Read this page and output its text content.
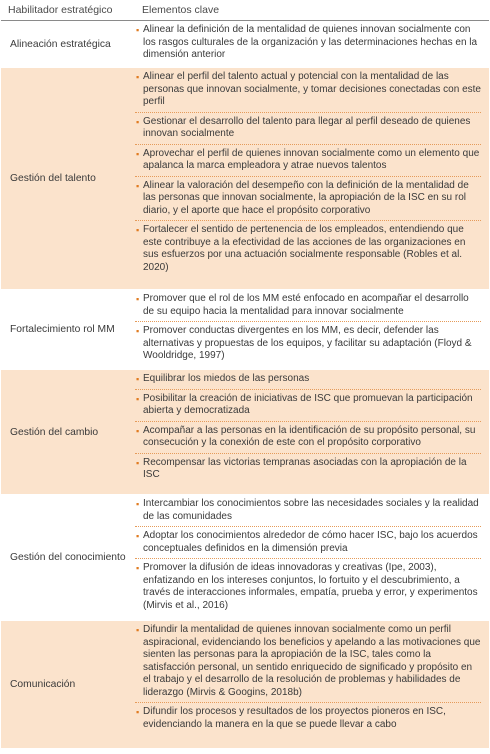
Habilitador estratégico	Elementos clave
Alineación estratégica
▪ Alinear la definición de la mentalidad de quienes innovan socialmente con los rasgos culturales de la organización y las determinaciones hechas en la dimensión anterior
Gestión del talento
▪ Alinear el perfil del talento actual y potencial con la mentalidad de las personas que innovan socialmente, y tomar decisiones conectadas con este perfil
▪ Gestionar el desarrollo del talento para llegar al perfil deseado de quienes innovan socialmente
▪ Aprovechar el perfil de quienes innovan socialmente como un elemento que apalanca la marca empleadora y atrae nuevos talentos
▪ Alinear la valoración del desempeño con la definición de la mentalidad de las personas que innovan socialmente, la apropiación de la ISC en su rol diario, y el aporte que hace el propósito corporativo
▪ Fortalecer el sentido de pertenencia de los empleados, entendiendo que este contribuye a la efectividad de las acciones de las organizaciones en sus esfuerzos por una actuación socialmente responsable (Robles et al. 2020)
Fortalecimiento rol MM
▪ Promover que el rol de los MM esté enfocado en acompañar el desarrollo de su equipo hacia la mentalidad para innovar socialmente
▪ Promover conductas divergentes en los MM, es decir, defender las alternativas y propuestas de los equipos, y facilitar su adaptación (Floyd & Wooldridge, 1997)
Gestión del cambio
▪ Equilibrar los miedos de las personas
▪ Posibilitar la creación de iniciativas de ISC que promuevan la participación abierta y democratizada
▪ Acompañar a las personas en la identificación de su propósito personal, su consecución y la conexión de este con el propósito corporativo
▪ Recompensar las victorias tempranas asociadas con la apropiación de la ISC
Gestión del conocimiento
▪ Intercambiar los conocimientos sobre las necesidades sociales y la realidad de las comunidades
▪ Adoptar los conocimientos alrededor de cómo hacer ISC, bajo los acuerdos conceptuales definidos en la dimensión previa
▪ Promover la difusión de ideas innovadoras y creativas (Ipe, 2003), enfatizando en los intereses conjuntos, lo fortuito y el descubrimiento, a través de interacciones informales, empatía, prueba y error, y experimentos (Mirvis et al., 2016)
Comunicación
▪ Difundir la mentalidad de quienes innovan socialmente como un perfil aspiracional, evidenciando los beneficios y apelando a las motivaciones que sienten las personas para la apropiación de la ISC, tales como la satisfacción personal, un sentido enriquecido de significado y propósito en el trabajo y el desarrollo de la resolución de problemas y habilidades de liderazgo (Mirvis & Googins, 2018b)
▪ Difundir los procesos y resultados de los proyectos pioneros en ISC, evidenciando la manera en la que se puede llevar a cabo
